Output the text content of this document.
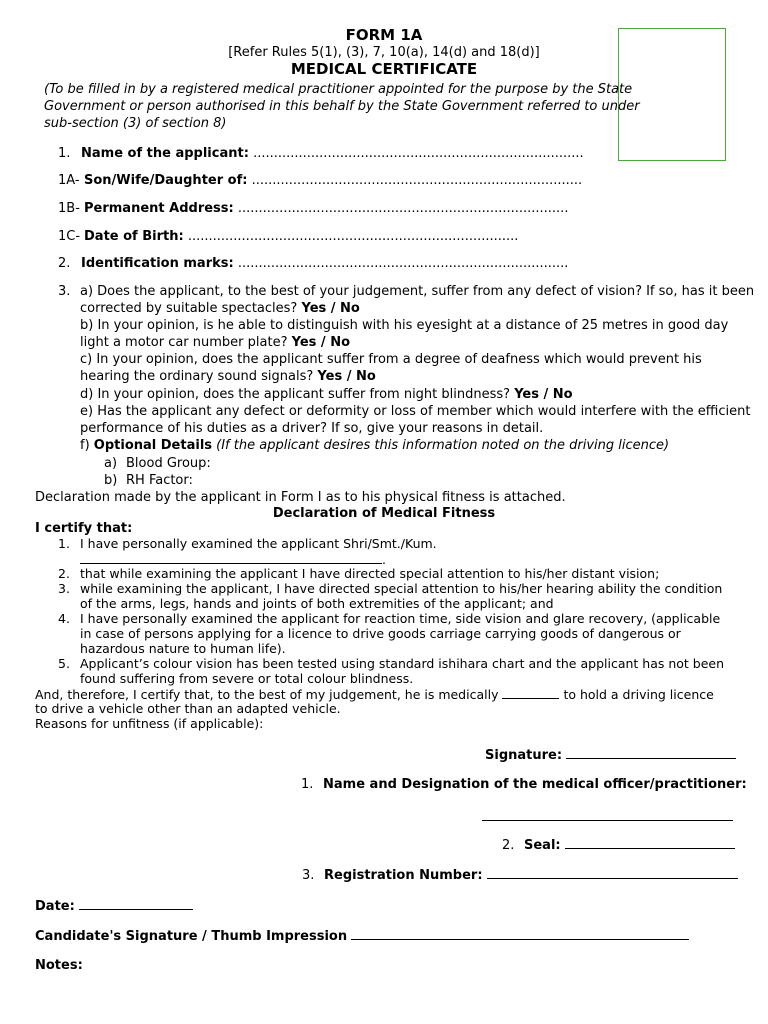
FORM 1A
[Refer Rules 5(1), (3), 7, 10(a), 14(d) and 18(d)]
MEDICAL CERTIFICATE
(To be filled in by a registered medical practitioner appointed for the purpose by the State
Government or person authorised in this behalf by the State Government referred to under
sub-section (3) of section 8)
1. Name of the applicant: ................................................................................
1A- Son/Wife/Daughter of: ................................................................................
1B- Permanent Address: ................................................................................
1C- Date of Birth: ................................................................................
2. Identification marks: ................................................................................
3. a) Does the applicant, to the best of your judgement, suffer from any defect of vision? If so, has it been
corrected by suitable spectacles? Yes / No
b) In your opinion, is he able to distinguish with his eyesight at a distance of 25 metres in good day
light a motor car number plate? Yes / No
c) In your opinion, does the applicant suffer from a degree of deafness which would prevent his
hearing the ordinary sound signals? Yes / No
d) In your opinion, does the applicant suffer from night blindness? Yes / No
e) Has the applicant any defect or deformity or loss of member which would interfere with the efficient
performance of his duties as a driver? If so, give your reasons in detail.
f) Optional Details (If the applicant desires this information noted on the driving licence)
a) Blood Group:
b) RH Factor:
Declaration made by the applicant in Form I as to his physical fitness is attached.
Declaration of Medical Fitness
I certify that:
1. I have personally examined the applicant Shri/Smt./Kum.
.
2. that while examining the applicant I have directed special attention to his/her distant vision;
3. while examining the applicant, I have directed special attention to his/her hearing ability the condition
of the arms, legs, hands and joints of both extremities of the applicant; and
4. I have personally examined the applicant for reaction time, side vision and glare recovery, (applicable
in case of persons applying for a licence to drive goods carriage carrying goods of dangerous or
hazardous nature to human life).
5. Applicant’s colour vision has been tested using standard ishihara chart and the applicant has not been
found suffering from severe or total colour blindness.
And, therefore, I certify that, to the best of my judgement, he is medically	to hold a driving licence
to drive a vehicle other than an adapted vehicle.
Reasons for unfitness (if applicable):
Signature:
1. Name and Designation of the medical officer/practitioner:
2. Seal:
3. Registration Number:
Date:
Candidate's Signature / Thumb Impression
Notes:
